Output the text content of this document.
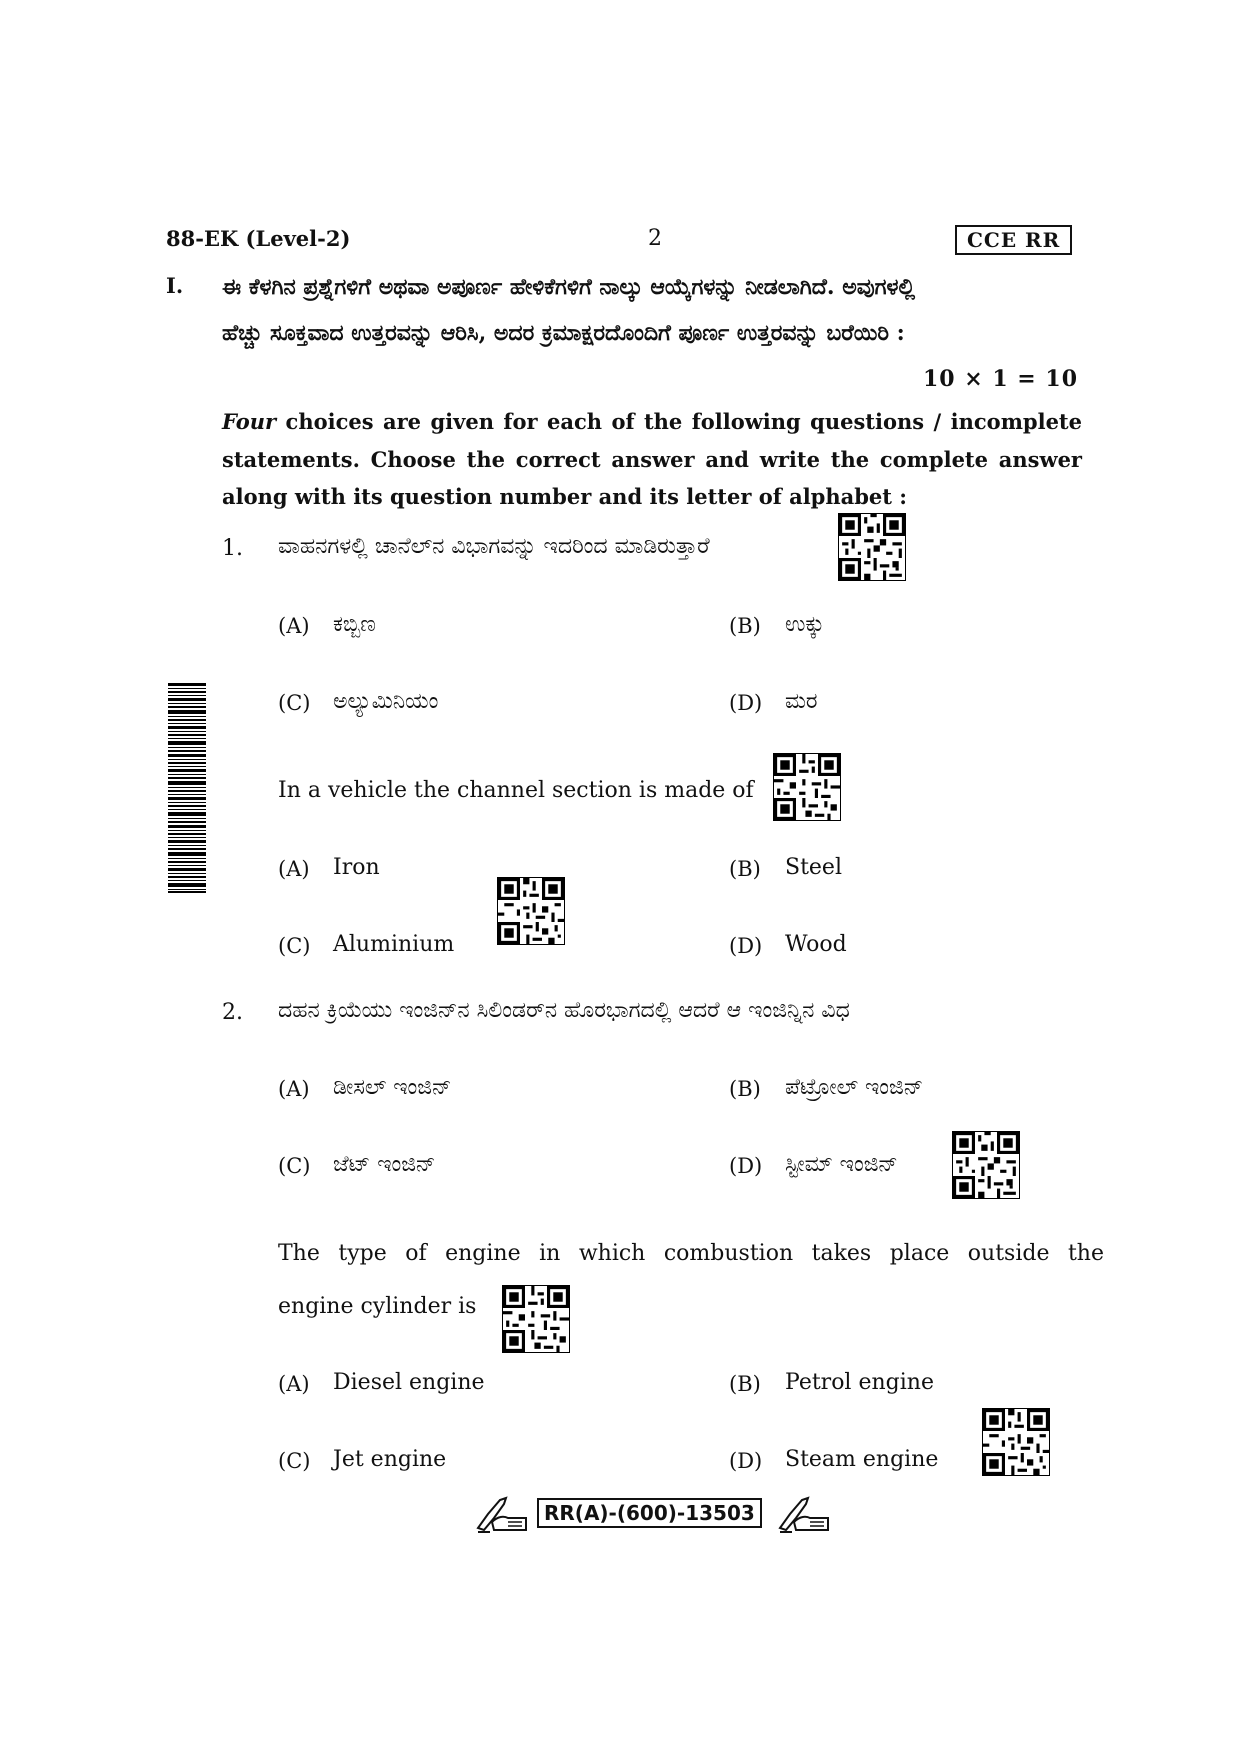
88-EK (Level-2)	2	CCE RR
I. ಈ ಕೆಳಗಿನ ಪ್ರಶ್ನೆಗಳಿಗೆ ಅಥವಾ ಅಪೂರ್ಣ ಹೇಳಿಕೆಗಳಿಗೆ ನಾಲ್ಕು ಆಯ್ಕೆಗಳನ್ನು ನೀಡಲಾಗಿದೆ. ಅವುಗಳಲ್ಲಿ
ಹೆಚ್ಚು ಸೂಕ್ತವಾದ ಉತ್ತರವನ್ನು ಆರಿಸಿ, ಅದರ ಕ್ರಮಾಕ್ಷರದೊಂದಿಗೆ ಪೂರ್ಣ ಉತ್ತರವನ್ನು ಬರೆಯಿರಿ :
10 × 1 = 10
Four choices are given for each of the following questions / incomplete statements. Choose the correct answer and write the complete answer along with its question number and its letter of alphabet :
1. ವಾಹನಗಳಲ್ಲಿ ಚಾನೆಲ್‌ನ ವಿಭಾಗವನ್ನು ಇದರಿಂದ ಮಾಡಿರುತ್ತಾರೆ
(A) ಕಬ್ಬಿಣ	(B) ಉಕ್ಕು
(C) ಅಲ್ಯುಮಿನಿಯಂ	(D) ಮರ
In a vehicle the channel section is made of
(A) Iron	(B) Steel
(C) Aluminium	(D) Wood
2. ದಹನ ಕ್ರಿಯೆಯು ಇಂಜಿನ್‌ನ ಸಿಲಿಂಡರ್‌ನ ಹೊರಭಾಗದಲ್ಲಿ ಆದರೆ ಆ ಇಂಜಿನ್ನಿನ ವಿಧ
(A) ಡೀಸಲ್ ಇಂಜಿನ್	(B) ಪೆಟ್ರೋಲ್ ಇಂಜಿನ್
(C) ಜೆಟ್ ಇಂಜಿನ್	(D) ಸ್ಟೀಮ್ ಇಂಜಿನ್
The type of engine in which combustion takes place outside the
engine cylinder is
(A) Diesel engine	(B) Petrol engine
(C) Jet engine	(D) Steam engine
RR(A)-(600)-13503
